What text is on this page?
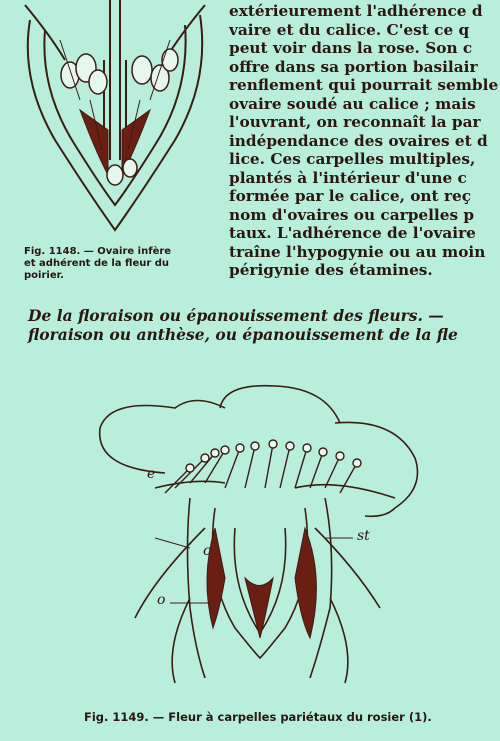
Fig. 1148. — Ovaire infère
et adhérent de la fleur du
poirier.
extérieurement l'adhérence d
vaire et du calice. C'est ce q
peut voir dans la rose. Son c
offre dans sa portion basilair
renflement qui pourrait semble
ovaire soudé au calice ; mais
l'ouvrant, on reconnaît la par
indépendance des ovaires et d
lice. Ces carpelles multiples,
plantés à l'intérieur d'une c
formée par le calice, ont reç
nom d'ovaires ou carpelles p
taux. L'adhérence de l'ovaire
traîne l'hypogynie ou au moin
périgynie des étamines.
De la floraison ou épanouissement des fleurs. —
floraison ou anthèse, ou épanouissement de la fle
e
st
c
o
Fig. 1149. — Fleur à carpelles pariétaux du rosier (1).
